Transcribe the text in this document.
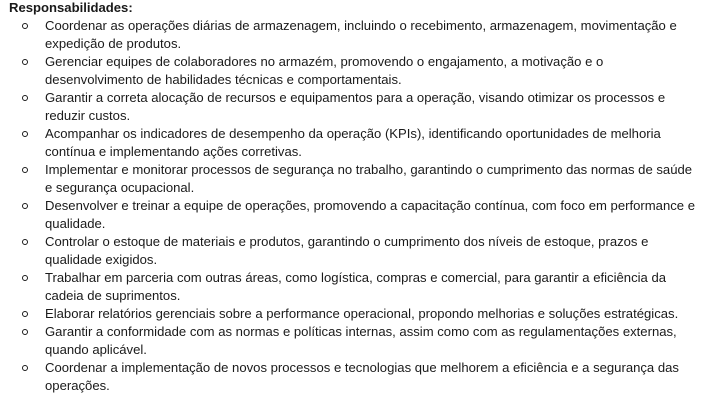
Responsabilidades:
Coordenar as operações diárias de armazenagem, incluindo o recebimento, armazenagem, movimentação e expedição de produtos.
Gerenciar equipes de colaboradores no armazém, promovendo o engajamento, a motivação e o desenvolvimento de habilidades técnicas e comportamentais.
Garantir a correta alocação de recursos e equipamentos para a operação, visando otimizar os processos e reduzir custos.
Acompanhar os indicadores de desempenho da operação (KPIs), identificando oportunidades de melhoria contínua e implementando ações corretivas.
Implementar e monitorar processos de segurança no trabalho, garantindo o cumprimento das normas de saúde e segurança ocupacional.
Desenvolver e treinar a equipe de operações, promovendo a capacitação contínua, com foco em performance e qualidade.
Controlar o estoque de materiais e produtos, garantindo o cumprimento dos níveis de estoque, prazos e qualidade exigidos.
Trabalhar em parceria com outras áreas, como logística, compras e comercial, para garantir a eficiência da cadeia de suprimentos.
Elaborar relatórios gerenciais sobre a performance operacional, propondo melhorias e soluções estratégicas.
Garantir a conformidade com as normas e políticas internas, assim como com as regulamentações externas, quando aplicável.
Coordenar a implementação de novos processos e tecnologias que melhorem a eficiência e a segurança das operações.
